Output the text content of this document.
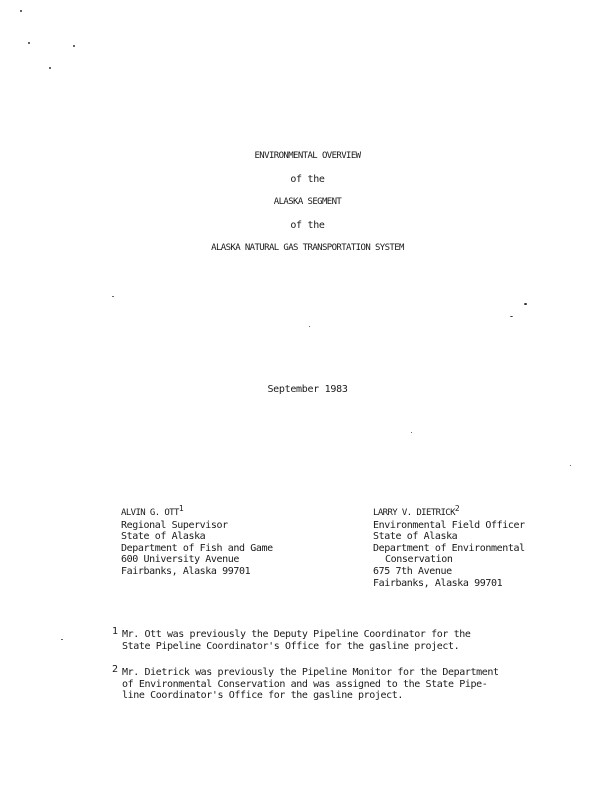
ENVIRONMENTAL OVERVIEW
of the
ALASKA SEGMENT
of the
ALASKA NATURAL GAS TRANSPORTATION SYSTEM
September 1983
ALVIN G. OTT$^1$
Regional Supervisor
State of Alaska
Department of Fish and Game
600 University Avenue
Fairbanks, Alaska 99701
LARRY V. DIETRICK$^2$
Environmental Field Officer
State of Alaska
Department of Environmental
Conservation
675 7th Avenue
Fairbanks, Alaska 99701
1 Mr. Ott was previously the Deputy Pipeline Coordinator for the
State Pipeline Coordinator's Office for the gasline project.
2 Mr. Dietrick was previously the Pipeline Monitor for the Department
of Environmental Conservation and was assigned to the State Pipe-
line Coordinator's Office for the gasline project.
